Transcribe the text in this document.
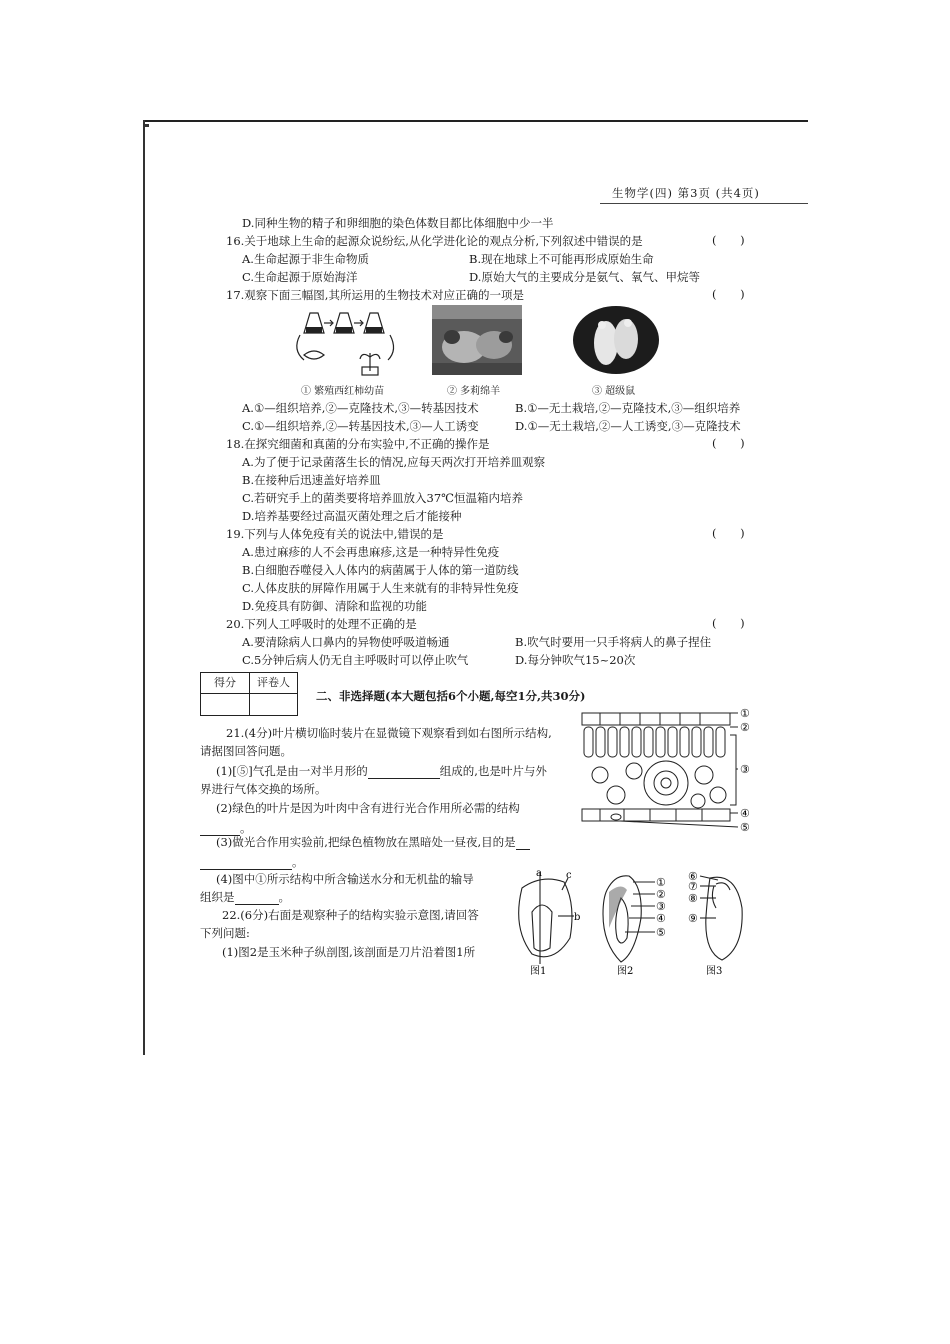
生物学(四) 第3页 (共4页)
D.同种生物的精子和卵细胞的染色体数目都比体细胞中少一半
16.关于地球上生命的起源众说纷纭,从化学进化论的观点分析,下列叙述中错误的是	( )
A.生命起源于非生命物质	B.现在地球上不可能再形成原始生命
C.生命起源于原始海洋	D.原始大气的主要成分是氨气、氧气、甲烷等
17.观察下面三幅图,其所运用的生物技术对应正确的一项是	( )
① 繁殖西红柿幼苗	② 多莉绵羊	③ 超级鼠
A.①—组织培养,②—克隆技术,③—转基因技术	B.①—无土栽培,②—克隆技术,③—组织培养
C.①—组织培养,②—转基因技术,③—人工诱变	D.①—无土栽培,②—人工诱变,③—克隆技术
18.在探究细菌和真菌的分布实验中,不正确的操作是	( )
A.为了便于记录菌落生长的情况,应每天两次打开培养皿观察
B.在接种后迅速盖好培养皿
C.若研究手上的菌类要将培养皿放入37℃恒温箱内培养
D.培养基要经过高温灭菌处理之后才能接种
19.下列与人体免疫有关的说法中,错误的是	( )
A.患过麻疹的人不会再患麻疹,这是一种特异性免疫
B.白细胞吞噬侵入人体内的病菌属于人体的第一道防线
C.人体皮肤的屏障作用属于人生来就有的非特异性免疫
D.免疫具有防御、清除和监视的功能
20.下列人工呼吸时的处理不正确的是	( )
A.要清除病人口鼻内的异物使呼吸道畅通	B.吹气时要用一只手将病人的鼻子捏住
C.5分钟后病人仍无自主呼吸时可以停止吹气	D.每分钟吹气15~20次
得分	评卷人
二、非选择题(本大题包括6个小题,每空1分,共30分)
21.(4分)叶片横切临时装片在显微镜下观察看到如右图所示结构,
请据图回答问题。
(1)[⑤]气孔是由一对半月形的	组成的,也是叶片与外
界进行气体交换的场所。
(2)绿色的叶片是因为叶肉中含有进行光合作用所必需的结构
。
(3)做光合作用实验前,把绿色植物放在黑暗处一昼夜,目的是
。
(4)图中①所示结构中所含输送水分和无机盐的输导
组织是	。
①
②
③
④
⑤
22.(6分)右面是观察种子的结构实验示意图,请回答
下列问题:
(1)图2是玉米种子纵剖图,该剖面是刀片沿着图1所
a c
b
图1
①
②
③
④
⑤
图2
⑥
⑦
⑧
⑨
图3
